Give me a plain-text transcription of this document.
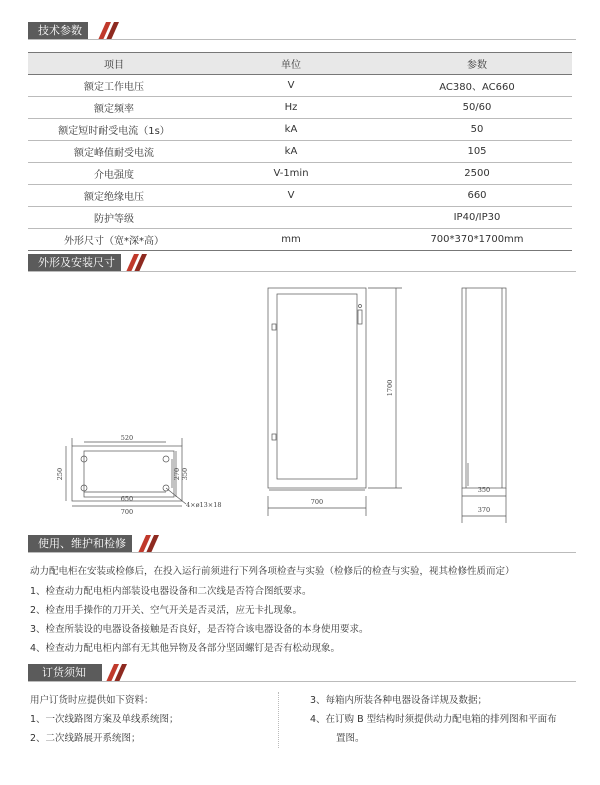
技术参数
项目	单位	参数
额定工作电压	V	AC380、AC660
额定频率	Hz	50/60
额定短时耐受电流（1s）	kA	50
额定峰值耐受电流	kA	105
介电强度	V-1min	2500
额定绝缘电压	V	660
防护等级		IP40/IP30
外形尺寸（宽*深*高）	mm	700*370*1700mm
外形及安装尺寸
520
650
700
250	270 350
4×ø13×18
1700
700
350
370
使用、维护和检修
动力配电柜在安装或检修后，在投入运行前须进行下列各项检查与实验（检修后的检查与实验，视其检修性质而定）
1、检查动力配电柜内部装设电器设备和二次线是否符合图纸要求。
2、检查用手操作的刀开关、空气开关是否灵活，应无卡扎现象。
3、检查所装设的电器设备接触是否良好，是否符合该电器设备的本身使用要求。
4、检查动力配电柜内部有无其他异物及各部分坚固螺钉是否有松动现象。
订货须知
用户订货时应提供如下资料：
1、一次线路图方案及单线系统图；
2、二次线路展开系统图；
3、每箱内所装各种电器设备详规及数据；
4、在订购 B 型结构时须提供动力配电箱的排列图和平面布
置图。
